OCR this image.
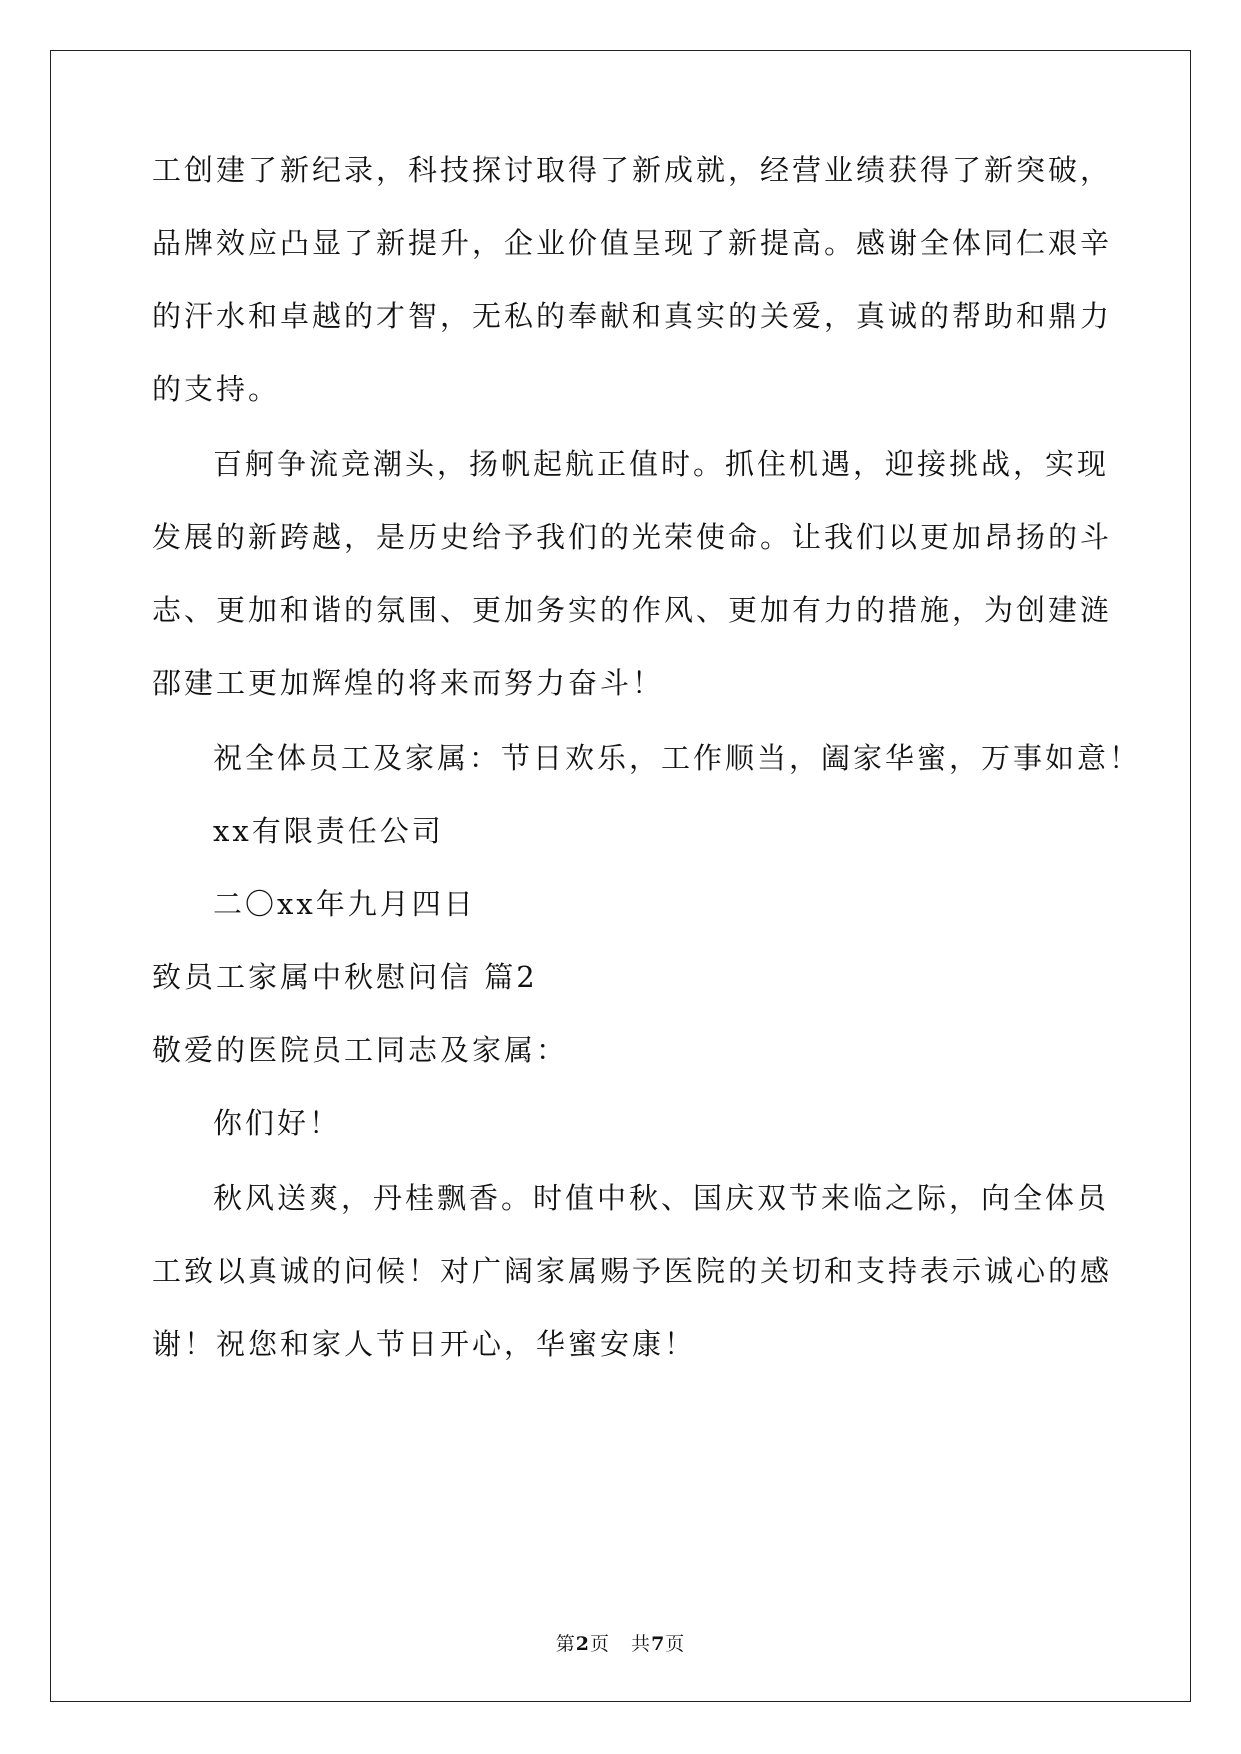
工创建了新纪录，科技探讨取得了新成就，经营业绩获得了新突破，
品牌效应凸显了新提升，企业价值呈现了新提高。感谢全体同仁艰辛
的汗水和卓越的才智，无私的奉献和真实的关爱，真诚的帮助和鼎力
的支持。
百舸争流竞潮头，扬帆起航正值时。抓住机遇，迎接挑战，实现
发展的新跨越，是历史给予我们的光荣使命。让我们以更加昂扬的斗
志、更加和谐的氛围、更加务实的作风、更加有力的措施，为创建涟
邵建工更加辉煌的将来而努力奋斗！
祝全体员工及家属：节日欢乐，工作顺当，阖家华蜜，万事如意！
xx有限责任公司
二〇xx年九月四日
致员工家属中秋慰问信 篇2
敬爱的医院员工同志及家属：
你们好！
秋风送爽，丹桂飘香。时值中秋、国庆双节来临之际，向全体员
工致以真诚的问候！对广阔家属赐予医院的关切和支持表示诚心的感
谢！祝您和家人节日开心，华蜜安康！
第2页   共7页
